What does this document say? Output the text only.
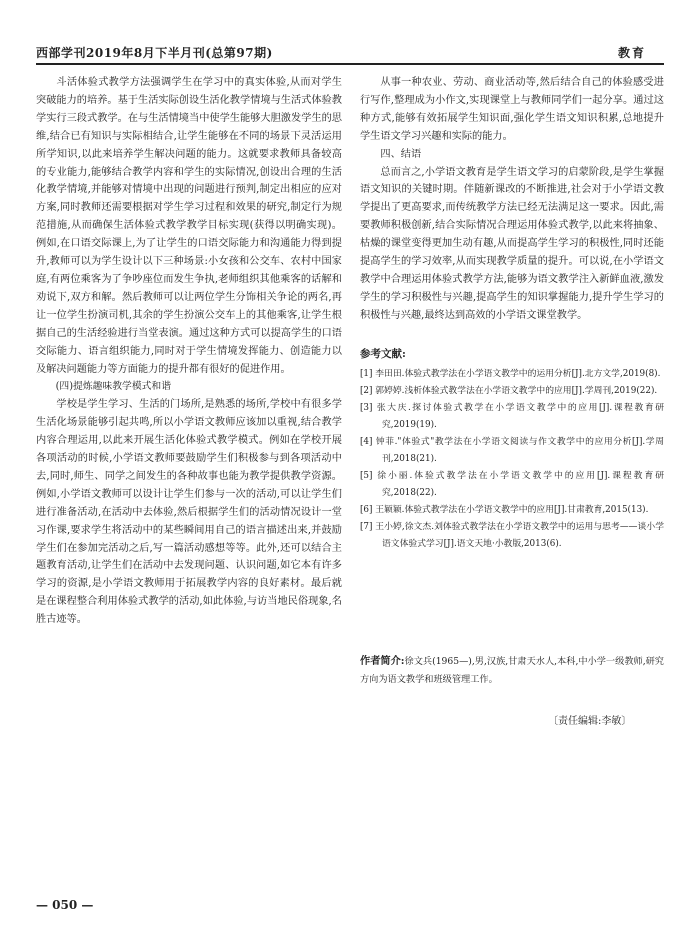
西部学刊2019年8月下半月刊(总第97期)	教育

斗活体验式教学方法强调学生在学习中的真实体验,从而对学生突破能力的培养。基于生活实际创设生活化教学情境与生活式体验教学实行三段式教学。在与生活情境当中使学生能够大胆激发学生的思维,结合已有知识与实际相结合,让学生能够在不同的场景下灵活运用所学知识,以此来培养学生解决问题的能力。这就要求教师具备较高的专业能力,能够结合教学内容和学生的实际情况,创设出合理的生活化教学情境,并能够对情境中出现的问题进行预判,制定出相应的应对方案,同时教师还需要根据对学生学习过程和效果的研究,制定行为规范措施,从而确保生活体验式教学教学目标实现(获得以明确实现)。例如,在口语交际课上,为了让学生的口语交际能力和沟通能力得到提升,教师可以为学生设计以下三种场景:小女孩和公交车、农村中国家庭,有两位乘客为了争吵座位而发生争执,老师组织其他乘客的话解和劝说下,双方和解。然后教师可以让两位学生分饰相关争论的两名,再让一位学生扮演司机,其余的学生扮演公交车上的其他乘客,让学生根据自己的生活经验进行当堂表演。通过这种方式可以提高学生的口语交际能力、语言组织能力,同时对于学生情境发挥能力、创造能力以及解决问题能力等方面能力的提升都有很好的促进作用。

(四)提炼趣味教学模式和谐

学校是学生学习、生活的门场所,是熟悉的场所,学校中有很多学生活化场景能够引起共鸣,所以小学语文教师应该加以重视,结合教学内容合理运用,以此来开展生活化体验式教学模式。例如在学校开展各项活动的时候,小学语文教师要鼓励学生们积极参与到各项活动中去,同时,师生、同学之间发生的各种故事也能为教学提供教学资源。例如,小学语文教师可以设计让学生们参与一次的活动,可以让学生们进行准备活动,在活动中去体验,然后根据学生们的活动情况设计一堂习作课,要求学生将活动中的某些瞬间用自己的语言描述出来,并鼓励学生们在参加完活动之后,写一篇活动感想等等。此外,还可以结合主题教育活动,让学生们在活动中去发现问题、认识问题,如它本有许多学习的资源,是小学语文教师用于拓展教学内容的良好素材。最后就是在课程整合利用体验式教学的活动,如此体验,与访当地民俗现象,名胜古迹等。

从事一种农业、劳动、商业活动等,然后结合自己的体验感受进行写作,整理成为小作文,实现课堂上与教师同学们一起分享。通过这种方式,能够有效拓展学生知识面,强化学生语文知识积累,总地提升学生语文学习兴趣和实际的能力。

四、结语

总而言之,小学语文教育是学生语文学习的启蒙阶段,是学生掌握语文知识的关键时期。伴随新课改的不断推进,社会对于小学语文教学提出了更高要求,而传统教学方法已经无法满足这一要求。因此,需要教师积极创新,结合实际情况合理运用体验式教学,以此来将抽象、枯燥的课堂变得更加生动有趣,从而提高学生学习的积极性,同时还能提高学生的学习效率,从而实现教学质量的提升。可以说,在小学语文教学中合理运用体验式教学方法,能够为语文教学注入新鲜血液,激发学生的学习积极性与兴趣,提高学生的知识掌握能力,提升学生学习的积极性与兴趣,最终达到高效的小学语文课堂教学。

参考文献:
[1] 李田田.体验式教学法在小学语文教学中的运用分析[J].北方文学,2019(8).
[2] 郭婷婷.浅析体验式教学法在小学语文教学中的应用[J].学周刊,2019(22).
[3] 张大庆.探讨体验式教学在小学语文教学中的应用[J].课程教育研究,2019(19).
[4] 钟菲."体验式"教学法在小学语文阅读与作文教学中的应用分析[J].学周刊,2018(21).
[5] 徐小丽.体验式教学法在小学语文教学中的应用[J].课程教育研究,2018(22).
[6] 王颖颖.体验式教学法在小学语文教学中的应用[J].甘肃教育,2015(13).
[7] 王小婷,徐文杰.刘体验式教学法在小学语文教学中的运用与思考——谈小学语文体验式学习[J].语文天地·小教版,2013(6).
作者简介:徐文兵(1965—),男,汉族,甘肃天水人,本科,中小学一级教师,研究方向为语文教学和班级管理工作。
〔责任编辑:李敏〕
— 050 —
